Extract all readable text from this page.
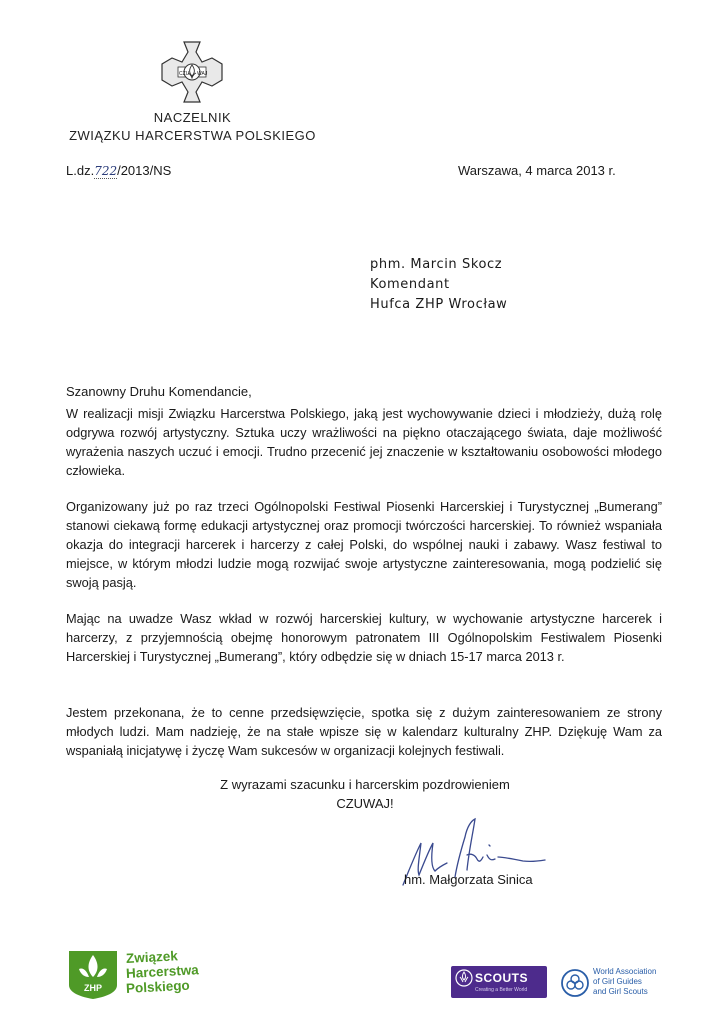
CZU WAJ
NACZELNIK
ZWIĄZKU HARCERSTWA POLSKIEGO
L.dz.722/2013/NS	Warszawa, 4 marca 2013 r.
phm. Marcin Skocz
Komendant
Hufca ZHP Wrocław
Szanowny Druhu Komendancie,
W realizacji misji Związku Harcerstwa Polskiego, jaką jest wychowywanie dzieci i młodzieży, dużą rolę odgrywa rozwój artystyczny. Sztuka uczy wrażliwości na piękno otaczającego świata, daje możliwość wyrażenia naszych uczuć i emocji. Trudno przecenić jej znaczenie w kształtowaniu osobowości młodego człowieka.
Organizowany już po raz trzeci Ogólnopolski Festiwal Piosenki Harcerskiej i Turystycznej „Bumerang” stanowi ciekawą formę edukacji artystycznej oraz promocji twórczości harcerskiej. To również wspaniała okazja do integracji harcerek i harcerzy z całej Polski, do wspólnej nauki i zabawy. Wasz festiwal to miejsce, w którym młodzi ludzie mogą rozwijać swoje artystyczne zainteresowania, mogą podzielić się swoją pasją.
Mając na uwadze Wasz wkład w rozwój harcerskiej kultury, w wychowanie artystyczne harcerek i harcerzy, z przyjemnością obejmę honorowym patronatem III Ogólnopolskim Festiwalem Piosenki Harcerskiej i Turystycznej „Bumerang”, który odbędzie się w dniach 15-17 marca 2013 r.
Jestem przekonana, że to cenne przedsięwzięcie, spotka się z dużym zainteresowaniem ze strony młodych ludzi. Mam nadzieję, że na stałe wpisze się w kalendarz kulturalny ZHP. Dziękuję Wam za wspaniałą inicjatywę i życzę Wam sukcesów w organizacji kolejnych festiwali.
Z wyrazami szacunku i harcerskim pozdrowieniem
CZUWAJ!
hm. Małgorzata Sinica
ZHP
Związek
Harcerstwa
Polskiego	SCOUTS
Creating a Better World
World Association
of Girl Guides
and Girl Scouts
